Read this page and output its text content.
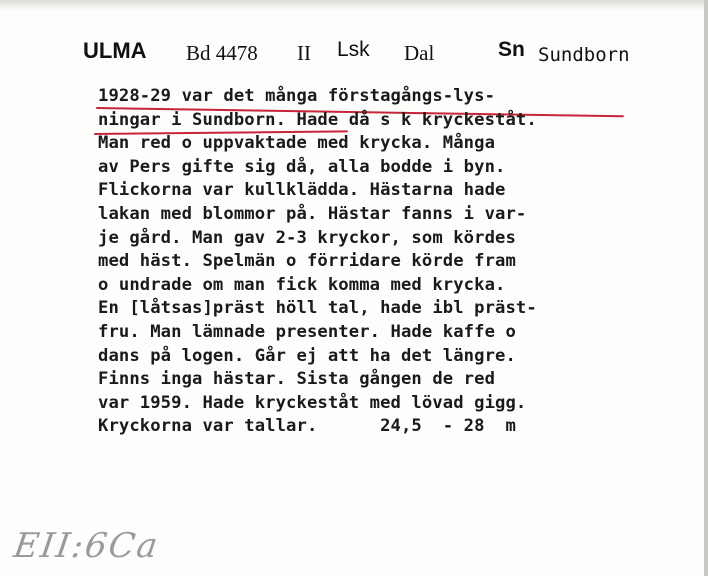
ULMA Bd 4478 II Lsk Dal	Sn Sundborn
1928-29 var det många förstagångs-lys-
ningar i Sundborn. Hade då s k kryckeståt.
Man red o uppvaktade med krycka. Många
av Pers gifte sig då, alla bodde i byn.
Flickorna var kullklädda. Hästarna hade
lakan med blommor på. Hästar fanns i var-
je gård. Man gav 2-3 kryckor, som kördes
med häst. Spelmän o förridare körde fram
o undrade om man fick komma med krycka.
En [låtsas]präst höll tal, hade ibl präst-
fru. Man lämnade presenter. Hade kaffe o
dans på logen. Går ej att ha det längre.
Finns inga hästar. Sista gången de red
var 1959. Hade kryckeståt med lövad gigg.
Kryckorna var tallar.      24,5  - 28  m
EII:6Ca
